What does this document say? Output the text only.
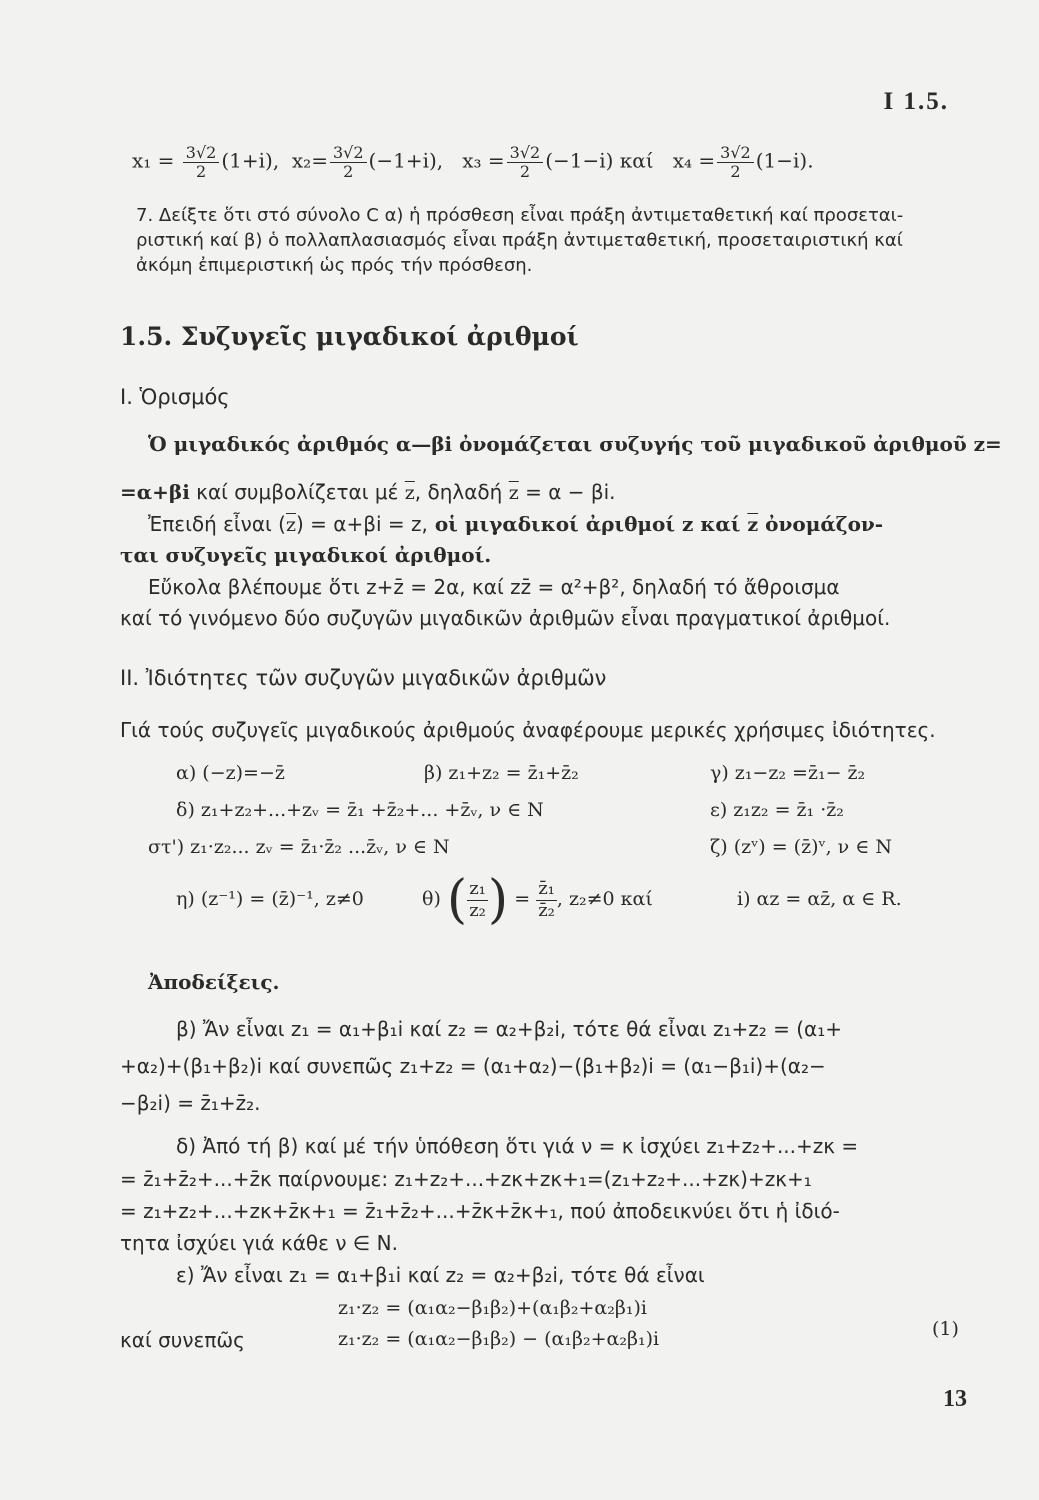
I 1.5.
$x_1 = \frac{3√2}{2} (1+i)$, $x_2= \frac{3√2}{2} (-1+i)$, $x_3 = \frac{3√2}{2} (-1-i)$ καί $x_4 = \frac{3√2}{2} (1-i)$.
7. Δείξτε ὅτι στό σύνολο C α) ἡ πρόσθεση εἶναι πράξη ἀντιμεταθετική καί προσεται-
ριστική καί β) ὁ πολλαπλασιασμός εἶναι πράξη ἀντιμεταθετική, προσεταιριστική καί
ἀκόμη ἐπιμεριστική ὡς πρός τήν πρόσθεση.
1.5. Συζυγεῖς μιγαδικοί ἀριθμοί
I. Ὁρισμός
Ὁ μιγαδικός ἀριθμός α—βi ὀνομάζεται συζυγής τοῦ μιγαδικοῦ ἀριθμοῦ z=
=α+βi καί συμβολίζεται μέ $\overline{z}$, δηλαδή $\overline{z} = \alpha - \beta i$.
Ἐπειδή εἶναι $(\overline{z}) = \alpha+\beta i = z$, οἱ μιγαδικοί ἀριθμοί z καί $\overline{z}$ ὀνομάζον-
ται συζυγεῖς μιγαδικοί ἀριθμοί.
Εὔκολα βλέπουμε ὅτι z+z̄ = 2α, καί zz̄ = α²+β², δηλαδή τό ἄθροισμα
καί τό γινόμενο δύο συζυγῶν μιγαδικῶν ἀριθμῶν εἶναι πραγματικοί ἀριθμοί.
II. Ἰδιότητες τῶν συζυγῶν μιγαδικῶν ἀριθμῶν
Γιά τούς συζυγεῖς μιγαδικούς ἀριθμούς ἀναφέρουμε μερικές χρήσιμες ἰδιότητες.
α) (−z)=−z̄	β) z₁+z₂ = z̄₁+z̄₂	γ) z₁−z₂ =z̄₁− z̄₂
δ) z₁+z₂+...+zᵥ = z̄₁ +z̄₂+... +z̄ᵥ, ν ∈ N	ε) z₁z₂ = z̄₁ ·z̄₂
στ') z₁·z₂... zᵥ = z̄₁·z̄₂ ...z̄ᵥ, ν ∈ N	ζ) (zᵛ) = (z̄)ᵛ, ν ∈ N
η) (z⁻¹) = (z̄)⁻¹, z≠0	θ) ( $\frac{\text{z₁}}{\text{z₂}}$ ) = $\frac{\text{z̄₁}}{\text{z̄₂}}$ , z₂≠0 καί	i) αz = αz̄, α ∈ R.
Ἀποδείξεις.
β) Ἄν εἶναι z₁ = α₁+β₁i καί z₂ = α₂+β₂i, τότε θά εἶναι z₁+z₂ = (α₁+
+α₂)+(β₁+β₂)i καί συνεπῶς z₁+z₂ = (α₁+α₂)−(β₁+β₂)i = (α₁−β₁i)+(α₂−
−β₂i) = z̄₁+z̄₂.
δ) Ἀπό τή β) καί μέ τήν ὑπόθεση ὅτι γιά ν = κ ἰσχύει z₁+z₂+...+zκ =
= z̄₁+z̄₂+...+z̄κ παίρνουμε: z₁+z₂+...+zκ+zκ+₁=(z₁+z₂+...+zκ)+zκ+₁
= z₁+z₂+...+zκ+z̄κ+₁ = z̄₁+z̄₂+...+z̄κ+z̄κ+₁, πού ἀποδεικνύει ὅτι ἡ ἰδιό-
τητα ἰσχύει γιά κάθε ν ∈ N.
ε) Ἄν εἶναι z₁ = α₁+β₁i καί z₂ = α₂+β₂i, τότε θά εἶναι
z₁·z₂ = (α₁α₂−β₁β₂)+(α₁β₂+α₂β₁)i
καί συνεπῶς	z₁·z₂ = (α₁α₂−β₁β₂) − (α₁β₂+α₂β₁)i	(1)
13
